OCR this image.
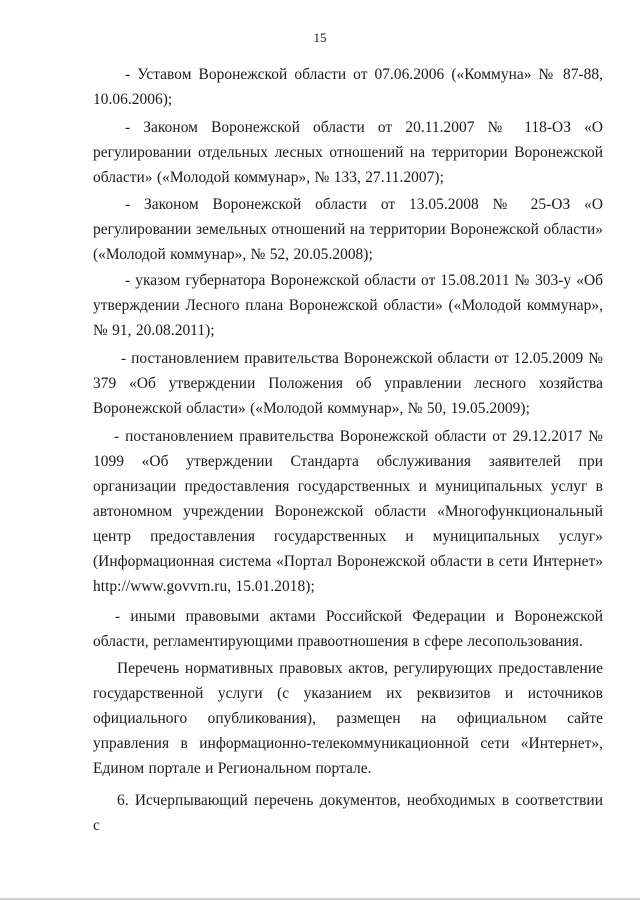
15
- Уставом Воронежской области от 07.06.2006 («Коммуна» № 87-88, 10.06.2006);
- Законом Воронежской области от 20.11.2007 № 118-ОЗ «О регулировании отдельных лесных отношений на территории Воронежской области» («Молодой коммунар», № 133, 27.11.2007);
- Законом Воронежской области от 13.05.2008 № 25-ОЗ «О регулировании земельных отношений на территории Воронежской области» («Молодой коммунар», № 52, 20.05.2008);
- указом губернатора Воронежской области от 15.08.2011 № 303-у «Об утверждении Лесного плана Воронежской области» («Молодой коммунар», № 91, 20.08.2011);
- постановлением правительства Воронежской области от 12.05.2009 № 379 «Об утверждении Положения об управлении лесного хозяйства Воронежской области» («Молодой коммунар», № 50, 19.05.2009);
- постановлением правительства Воронежской области от 29.12.2017 № 1099 «Об утверждении Стандарта обслуживания заявителей при организации предоставления государственных и муниципальных услуг в автономном учреждении Воронежской области «Многофункциональный центр предоставления государственных и муниципальных услуг» (Информационная система «Портал Воронежской области в сети Интернет» http://www.govvrn.ru, 15.01.2018);
- иными правовыми актами Российской Федерации и Воронежской области, регламентирующими правоотношения в сфере лесопользования.
Перечень нормативных правовых актов, регулирующих предоставление государственной услуги (с указанием их реквизитов и источников официального опубликования), размещен на официальном сайте управления в информационно-телекоммуникационной сети «Интернет», Едином портале и Региональном портале.
6. Исчерпывающий перечень документов, необходимых в соответствии с
